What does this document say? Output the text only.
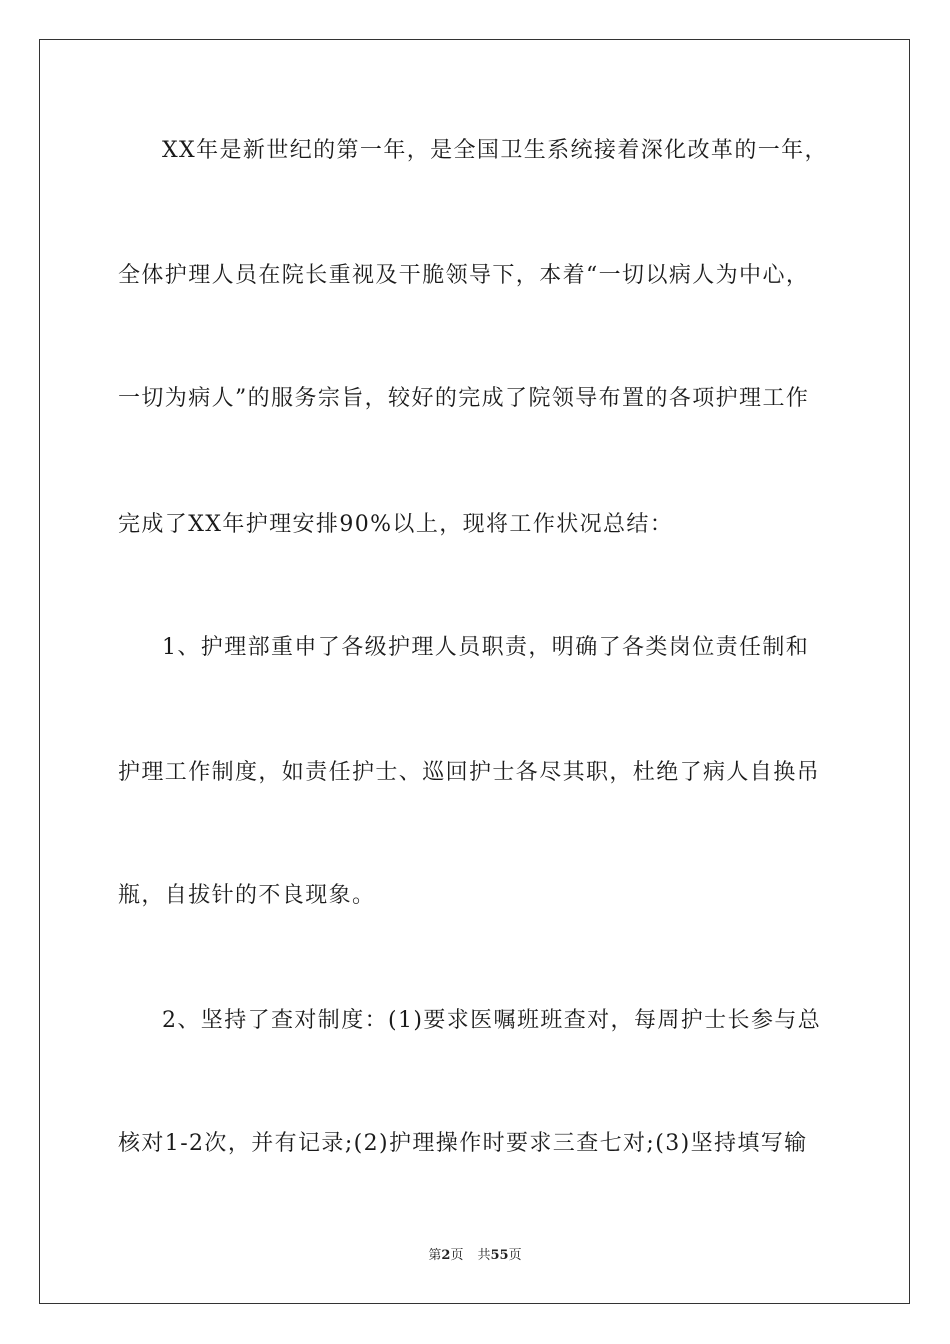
XX年是新世纪的第一年，是全国卫生系统接着深化改革的一年，
全体护理人员在院长重视及干脆领导下，本着“一切以病人为中心，
一切为病人”的服务宗旨，较好的完成了院领导布置的各项护理工作
完成了XX年护理安排90%以上，现将工作状况总结：
1、护理部重申了各级护理人员职责，明确了各类岗位责任制和
护理工作制度，如责任护士、巡回护士各尽其职，杜绝了病人自换吊
瓶，自拔针的不良现象。
2、坚持了查对制度：(1)要求医嘱班班查对，每周护士长参与总
核对1-2次，并有记录;(2)护理操作时要求三查七对;(3)坚持填写输
第2页 共55页
